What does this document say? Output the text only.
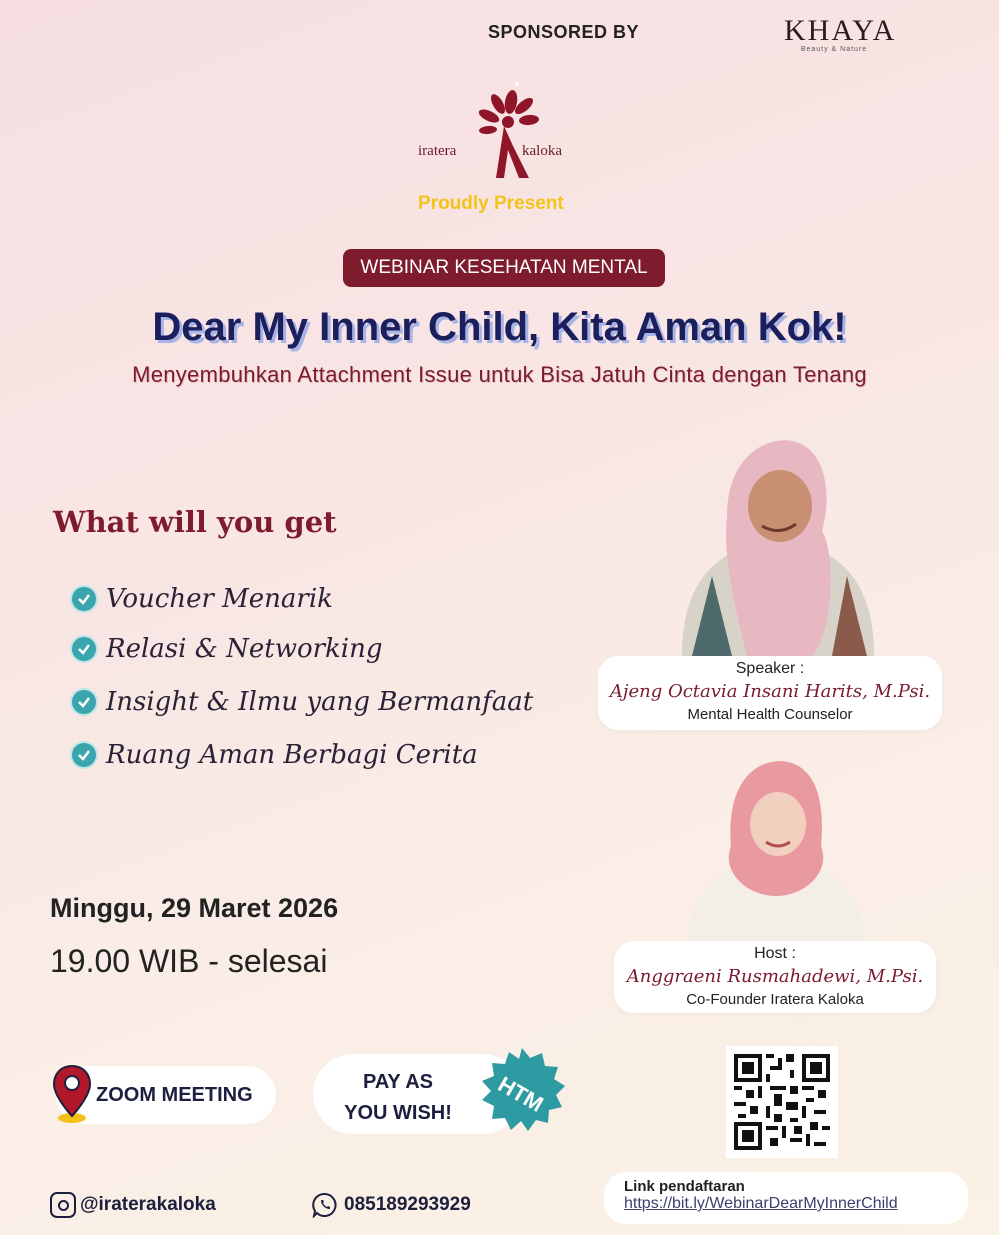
SPONSORED BY	KHAYA
Beauty & Nature
iratera	kaloka
Proudly Present
WEBINAR KESEHATAN MENTAL
Dear My Inner Child, Kita Aman Kok!
Menyembuhkan Attachment Issue untuk Bisa Jatuh Cinta dengan Tenang
What will you get
Voucher Menarik
Relasi & Networking
Insight & Ilmu yang Bermanfaat
Ruang Aman Berbagi Cerita
Minggu, 29 Maret 2026
19.00 WIB - selesai
Speaker :
Ajeng Octavia Insani Harits, M.Psi.
Mental Health Counselor
Host :
Anggraeni Rusmahadewi, M.Psi.
Co-Founder Iratera Kaloka
ZOOM MEETING
PAY AS
YOU WISH!	HTM
Link pendaftaran
https://bit.ly/WebinarDearMyInnerChild
@iraterakaloka	085189293929
